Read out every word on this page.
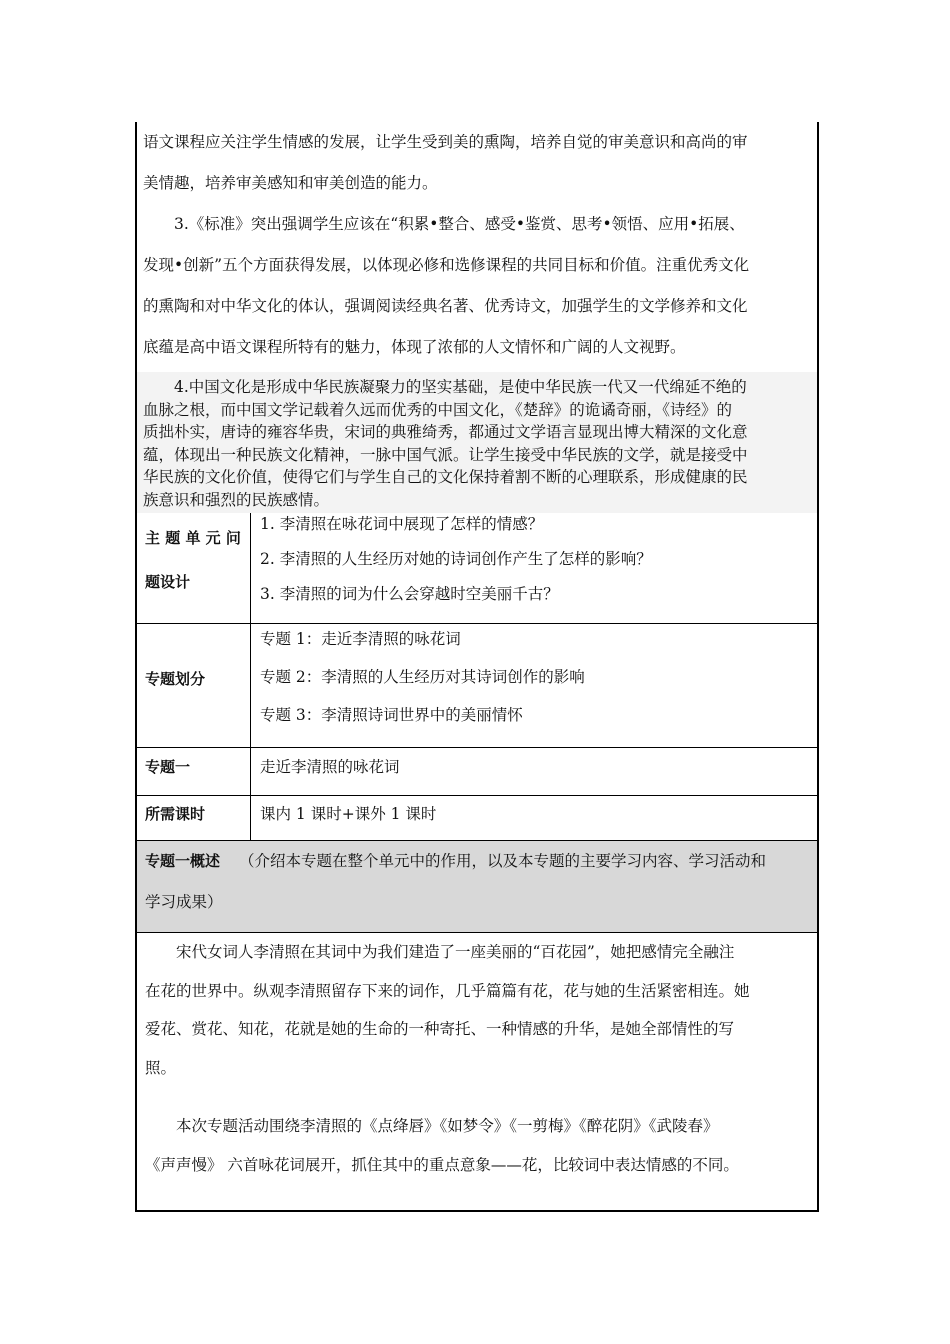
语文课程应关注学生情感的发展，让学生受到美的熏陶，培养自觉的审美意识和高尚的审
美情趣，培养审美感知和审美创造的能力。
3.《标准》突出强调学生应该在“积累•整合、感受•鉴赏、思考•领悟、应用•拓展、
发现•创新”五个方面获得发展，以体现必修和选修课程的共同目标和价值。注重优秀文化
的熏陶和对中华文化的体认，强调阅读经典名著、优秀诗文，加强学生的文学修养和文化
底蕴是高中语文课程所特有的魅力，体现了浓郁的人文情怀和广阔的人文视野。
4.中国文化是形成中华民族凝聚力的坚实基础，是使中华民族一代又一代绵延不绝的
血脉之根，而中国文学记载着久远而优秀的中国文化，《楚辞》的诡谲奇丽，《诗经》的
质拙朴实，唐诗的雍容华贵，宋词的典雅绮秀，都通过文学语言显现出博大精深的文化意
蕴，体现出一种民族文化精神，一脉中国气派。让学生接受中华民族的文学，就是接受中
华民族的文化价值，使得它们与学生自己的文化保持着割不断的心理联系，形成健康的民
族意识和强烈的民族感情。
主 题 单 元 问
题设计
1. 李清照在咏花词中展现了怎样的情感？
2. 李清照的人生经历对她的诗词创作产生了怎样的影响？
3. 李清照的词为什么会穿越时空美丽千古？
专题划分
专题 1：走近李清照的咏花词
专题 2：李清照的人生经历对其诗词创作的影响
专题 3：李清照诗词世界中的美丽情怀
专题一	走近李清照的咏花词
所需课时	课内 1 课时+课外 1 课时
专题一概述 （介绍本专题在整个单元中的作用，以及本专题的主要学习内容、学习活动和
学习成果）
宋代女词人李清照在其词中为我们建造了一座美丽的“百花园”，她把感情完全融注
在花的世界中。纵观李清照留存下来的词作，几乎篇篇有花，花与她的生活紧密相连。她
爱花、赏花、知花，花就是她的生命的一种寄托、一种情感的升华，是她全部情性的写
照。
本次专题活动围绕李清照的《点绛唇》《如梦令》《一剪梅》《醉花阴》《武陵春》
《声声慢》 六首咏花词展开，抓住其中的重点意象——花，比较词中表达情感的不同。
